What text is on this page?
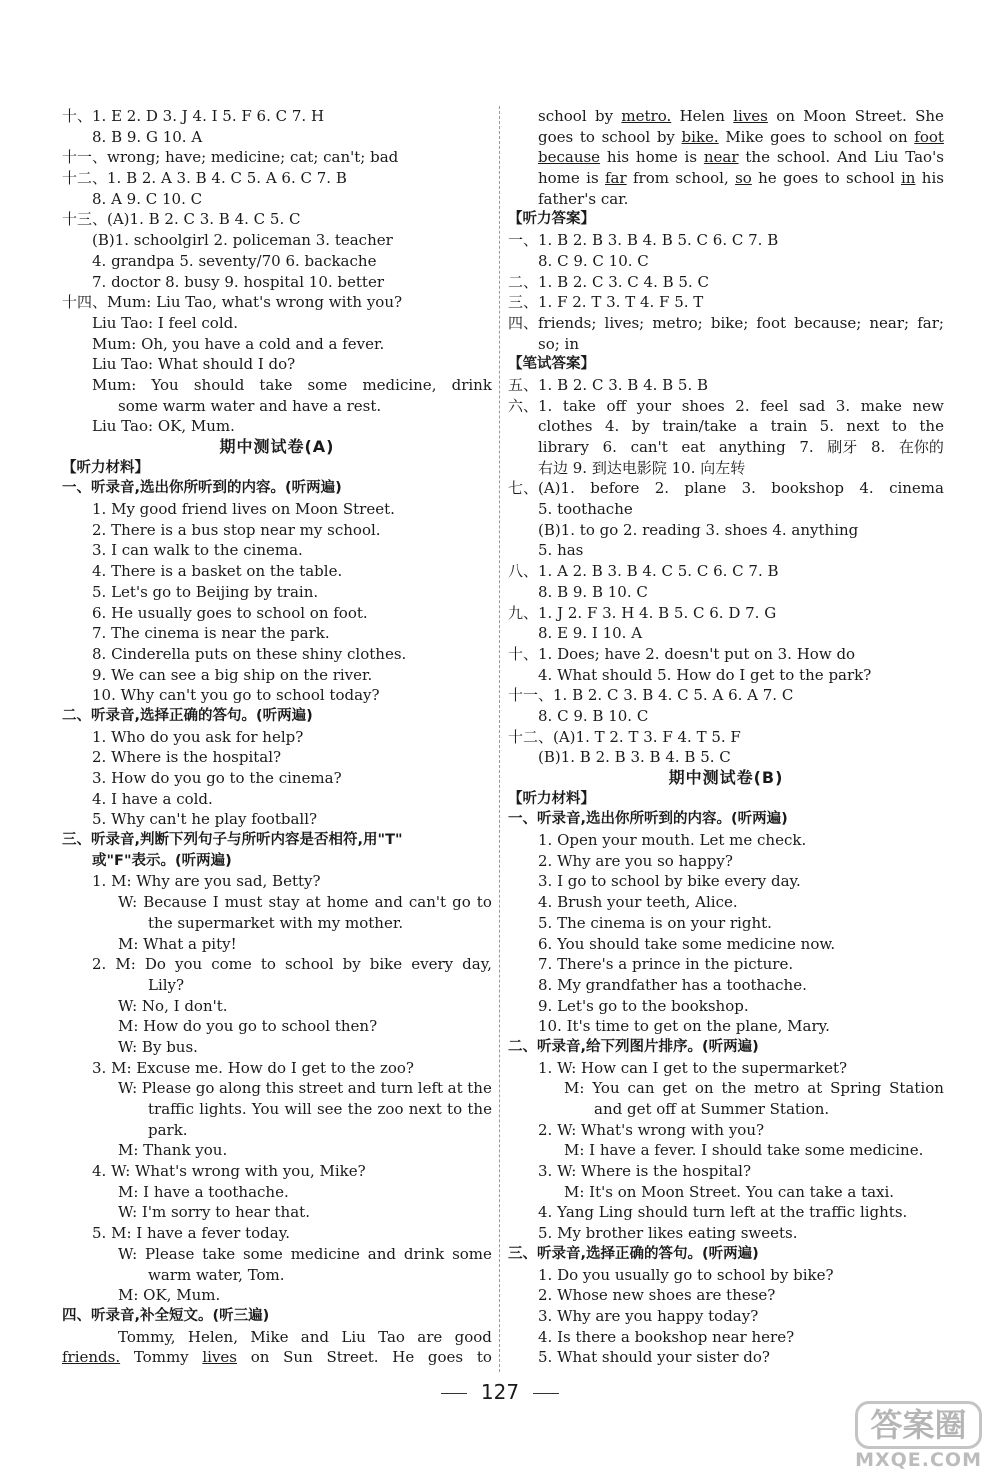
十、1. E 2. D 3. J 4. I 5. F 6. C 7. H
8. B 9. G 10. A
十一、wrong; have; medicine; cat; can't; bad
十二、1. B 2. A 3. B 4. C 5. A 6. C 7. B
8. A 9. C 10. C
十三、(A)1. B 2. C 3. B 4. C 5. C
(B)1. schoolgirl 2. policeman 3. teacher
4. grandpa 5. seventy/70 6. backache
7. doctor 8. busy 9. hospital 10. better
十四、Mum: Liu Tao, what's wrong with you?
Liu Tao: I feel cold.
Mum: Oh, you have a cold and a fever.
Liu Tao: What should I do?
Mum: You should take some medicine, drink
some warm water and have a rest.
Liu Tao: OK, Mum.
期中测试卷(A)
【听力材料】
一、听录音,选出你所听到的内容。(听两遍)
1. My good friend lives on Moon Street.
2. There is a bus stop near my school.
3. I can walk to the cinema.
4. There is a basket on the table.
5. Let's go to Beijing by train.
6. He usually goes to school on foot.
7. The cinema is near the park.
8. Cinderella puts on these shiny clothes.
9. We can see a big ship on the river.
10. Why can't you go to school today?
二、听录音,选择正确的答句。(听两遍)
1. Who do you ask for help?
2. Where is the hospital?
3. How do you go to the cinema?
4. I have a cold.
5. Why can't he play football?
三、听录音,判断下列句子与所听内容是否相符,用"T"
或"F"表示。(听两遍)
1. M: Why are you sad, Betty?
W: Because I must stay at home and can't go to
the supermarket with my mother.
M: What a pity!
2. M: Do you come to school by bike every day,
Lily?
W: No, I don't.
M: How do you go to school then?
W: By bus.
3. M: Excuse me. How do I get to the zoo?
W: Please go along this street and turn left at the
traffic lights. You will see the zoo next to the
park.
M: Thank you.
4. W: What's wrong with you, Mike?
M: I have a toothache.
W: I'm sorry to hear that.
5. M: I have a fever today.
W: Please take some medicine and drink some
warm water, Tom.
M: OK, Mum.
四、听录音,补全短文。(听三遍)
Tommy, Helen, Mike and Liu Tao are good
friends. Tommy lives on Sun Street. He goes to
school by metro. Helen lives on Moon Street. She
goes to school by bike. Mike goes to school on foot
because his home is near the school. And Liu Tao's
home is far from school, so he goes to school in his
father's car.
【听力答案】
一、1. B 2. B 3. B 4. B 5. C 6. C 7. B
8. C 9. C 10. C
二、1. B 2. C 3. C 4. B 5. C
三、1. F 2. T 3. T 4. F 5. T
四、friends; lives; metro; bike; foot because; near; far;
so; in
【笔试答案】
五、1. B 2. C 3. B 4. B 5. B
六、1. take off your shoes 2. feel sad 3. make new
clothes 4. by train/take a train 5. next to the
library 6. can't eat anything 7. 刷牙 8. 在你的
右边 9. 到达电影院 10. 向左转
七、(A)1. before 2. plane 3. bookshop 4. cinema
5. toothache
(B)1. to go 2. reading 3. shoes 4. anything
5. has
八、1. A 2. B 3. B 4. C 5. C 6. C 7. B
8. B 9. B 10. C
九、1. J 2. F 3. H 4. B 5. C 6. D 7. G
8. E 9. I 10. A
十、1. Does; have 2. doesn't put on 3. How do
4. What should 5. How do I get to the park?
十一、1. B 2. C 3. B 4. C 5. A 6. A 7. C
8. C 9. B 10. C
十二、(A)1. T 2. T 3. F 4. T 5. F
(B)1. B 2. B 3. B 4. B 5. C
期中测试卷(B)
【听力材料】
一、听录音,选出你所听到的内容。(听两遍)
1. Open your mouth. Let me check.
2. Why are you so happy?
3. I go to school by bike every day.
4. Brush your teeth, Alice.
5. The cinema is on your right.
6. You should take some medicine now.
7. There's a prince in the picture.
8. My grandfather has a toothache.
9. Let's go to the bookshop.
10. It's time to get on the plane, Mary.
二、听录音,给下列图片排序。(听两遍)
1. W: How can I get to the supermarket?
M: You can get on the metro at Spring Station
and get off at Summer Station.
2. W: What's wrong with you?
M: I have a fever. I should take some medicine.
3. W: Where is the hospital?
M: It's on Moon Street. You can take a taxi.
4. Yang Ling should turn left at the traffic lights.
5. My brother likes eating sweets.
三、听录音,选择正确的答句。(听两遍)
1. Do you usually go to school by bike?
2. Whose new shoes are these?
3. Why are you happy today?
4. Is there a bookshop near here?
5. What should your sister do?
127
答案圈
MXQE.COM
